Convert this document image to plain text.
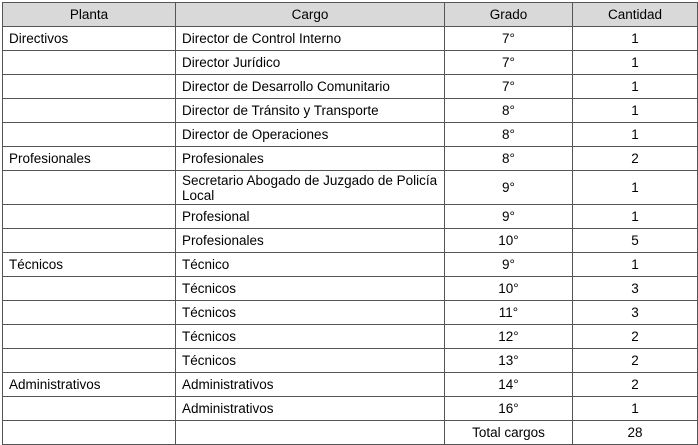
Planta	Cargo	Grado	Cantidad
Directivos	Director de Control Interno	7°	1
	Director Jurídico	7°	1
	Director de Desarrollo Comunitario	7°	1
	Director de Tránsito y Transporte	8°	1
	Director de Operaciones	8°	1
Profesionales	Profesionales	8°	2
	Secretario Abogado de Juzgado de Policía Local	9°	1
	Profesional	9°	1
	Profesionales	10°	5
Técnicos	Técnico	9°	1
	Técnicos	10°	3
	Técnicos	11°	3
	Técnicos	12°	2
	Técnicos	13°	2
Administrativos	Administrativos	14°	2
	Administrativos	16°	1
		Total cargos	28
